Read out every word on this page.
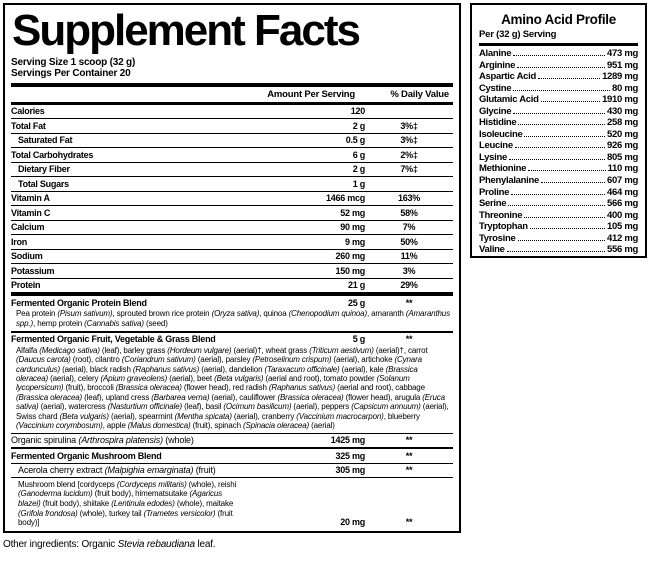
Supplement Facts
Serving Size 1 scoop (32 g)
Servings Per Container 20
Amount Per Serving	% Daily Value
Calories	120
Total Fat	2 g	3%‡
Saturated Fat	0.5 g	3%‡
Total Carbohydrates	6 g	2%‡
Dietary Fiber	2 g	7%‡
Total Sugars	1 g
Vitamin A	1466 mcg	163%
Vitamin C	52 mg	58%
Calcium	90 mg	7%
Iron	9 mg	50%
Sodium	260 mg	11%
Potassium	150 mg	3%
Protein	21 g	29%
Fermented Organic Protein Blend	25 g	**
Pea protein (Pisum sativum), sprouted brown rice protein (Oryza sativa), quinoa (Chenopodium quinoa), amaranth (Amaranthus spp.), hemp protein (Cannabis sativa) (seed)
Fermented Organic Fruit, Vegetable & Grass Blend	5 g	**
Alfalfa (Medicago sativa) (leaf), barley grass (Hordeum vulgare) (aerial)†, wheat grass (Triticum aestivum) (aerial)†, carrot (Daucus carota) (root), cilantro (Coriandrum sativum) (aerial), parsley (Petroselinum crispum) (aerial), artichoke (Cynara cardunculus) (aerial), black radish (Raphanus sativus) (aerial), dandelion (Taraxacum officinale) (aerial), kale (Brassica oleracea) (aerial), celery (Apium graveolens) (aerial), beet (Beta vulgaris) (aerial and root), tomato powder (Solanum lycopersicum) (fruit), broccoli (Brassica oleracea) (flower head), red radish (Raphanus sativus) (aerial and root), cabbage (Brassica oleracea) (leaf), upland cress (Barbarea verna) (aerial), cauliflower (Brassica oleracea) (flower head), arugula (Eruca sativa) (aerial), watercress (Nasturtium officinale) (leaf), basil (Ocimum basilicum) (aerial), peppers (Capsicum annuum) (aerial), Swiss chard (Beta vulgaris) (aerial), spearmint (Mentha spicata) (aerial), cranberry (Vaccinium macrocarpon), blueberry (Vaccinium corymbosum), apple (Malus domestica) (fruit), spinach (Spinacia oleracea) (aerial)
Organic spirulina (Arthrospira platensis) (whole)	1425 mg	**
Fermented Organic Mushroom Blend	325 mg	**
Acerola cherry extract (Malpighia emarginata) (fruit)	305 mg	**
Mushroom blend [cordyceps (Cordyceps militaris) (whole), reishi (Ganoderma lucidum) (fruit body), himematsutake (Agaricus blazei) (fruit body), shiitake (Lentinula edodes) (whole), maitake (Grifola frondosa) (whole), turkey tail (Trametes versicolor) (fruit body)]	20 mg	**
Other ingredients: Organic Stevia rebaudiana leaf.
Amino Acid Profile
Per (32 g) Serving
Alanine	473 mg
Arginine	951 mg
Aspartic Acid	1289 mg
Cystine	80 mg
Glutamic Acid	1910 mg
Glycine	430 mg
Histidine	258 mg
Isoleucine	520 mg
Leucine	926 mg
Lysine	805 mg
Methionine	110 mg
Phenylalanine	607 mg
Proline	464 mg
Serine	566 mg
Threonine	400 mg
Tryptophan	105 mg
Tyrosine	412 mg
Valine	556 mg
